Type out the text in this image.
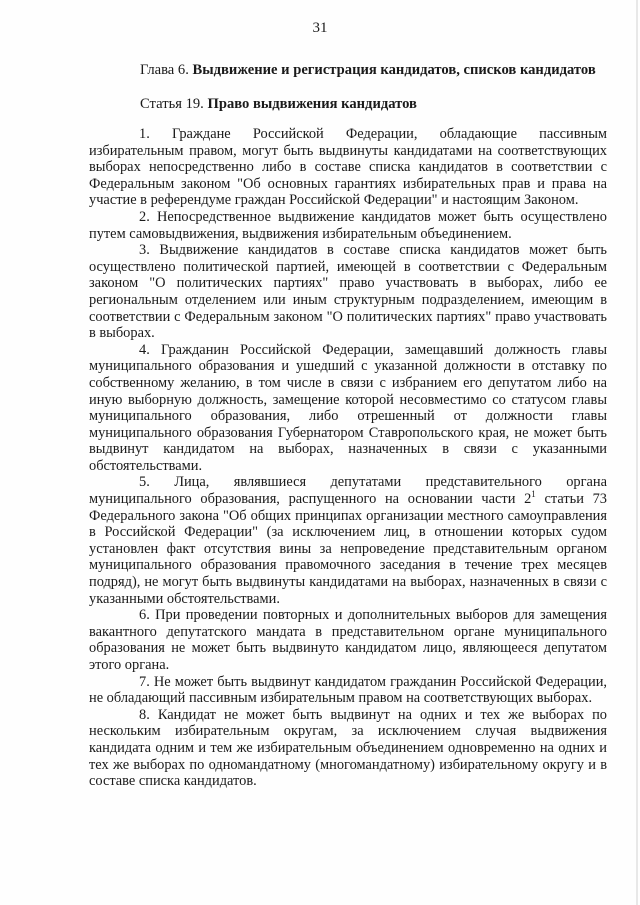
31
Глава 6. Выдвижение и регистрация кандидатов, списков кандидатов
Статья 19. Право выдвижения кандидатов

1. Граждане Российской Федерации, обладающие пассивным избирательным правом, могут быть выдвинуты кандидатами на соответствующих выборах непосредственно либо в составе списка кандидатов в соответствии с Федеральным законом "Об основных гарантиях избирательных прав и права на участие в референдуме граждан Российской Федерации" и настоящим Законом.

2. Непосредственное выдвижение кандидатов может быть осуществлено путем самовыдвижения, выдвижения избирательным объединением.

3. Выдвижение кандидатов в составе списка кандидатов может быть осуществлено политической партией, имеющей в соответствии с Федеральным законом "О политических партиях" право участвовать в выборах, либо ее региональным отделением или иным структурным подразделением, имеющим в соответствии с Федеральным законом "О политических партиях" право участвовать в выборах.

4. Гражданин Российской Федерации, замещавший должность главы муниципального образования и ушедший с указанной должности в отставку по собственному желанию, в том числе в связи с избранием его депутатом либо на иную выборную должность, замещение которой несовместимо со статусом главы муниципального образования, либо отрешенный от должности главы муниципального образования Губернатором Ставропольского края, не может быть выдвинут кандидатом на выборах, назначенных в связи с указанными обстоятельствами.

5. Лица, являвшиеся депутатами представительного органа муниципального образования, распущенного на основании части $2^1$ статьи 73 Федерального закона "Об общих принципах организации местного самоуправления в Российской Федерации" (за исключением лиц, в отношении которых судом установлен факт отсутствия вины за непроведение представительным органом муниципального образования правомочного заседания в течение трех месяцев подряд), не могут быть выдвинуты кандидатами на выборах, назначенных в связи с указанными обстоятельствами.

6. При проведении повторных и дополнительных выборов для замещения вакантного депутатского мандата в представительном органе муниципального образования не может быть выдвинуто кандидатом лицо, являющееся депутатом этого органа.

7. Не может быть выдвинут кандидатом гражданин Российской Федерации, не обладающий пассивным избирательным правом на соответствующих выборах.

8. Кандидат не может быть выдвинут на одних и тех же выборах по нескольким избирательным округам, за исключением случая выдвижения кандидата одним и тем же избирательным объединением одновременно на одних и тех же выборах по одномандатному (многомандатному) избирательному округу и в составе списка кандидатов.
